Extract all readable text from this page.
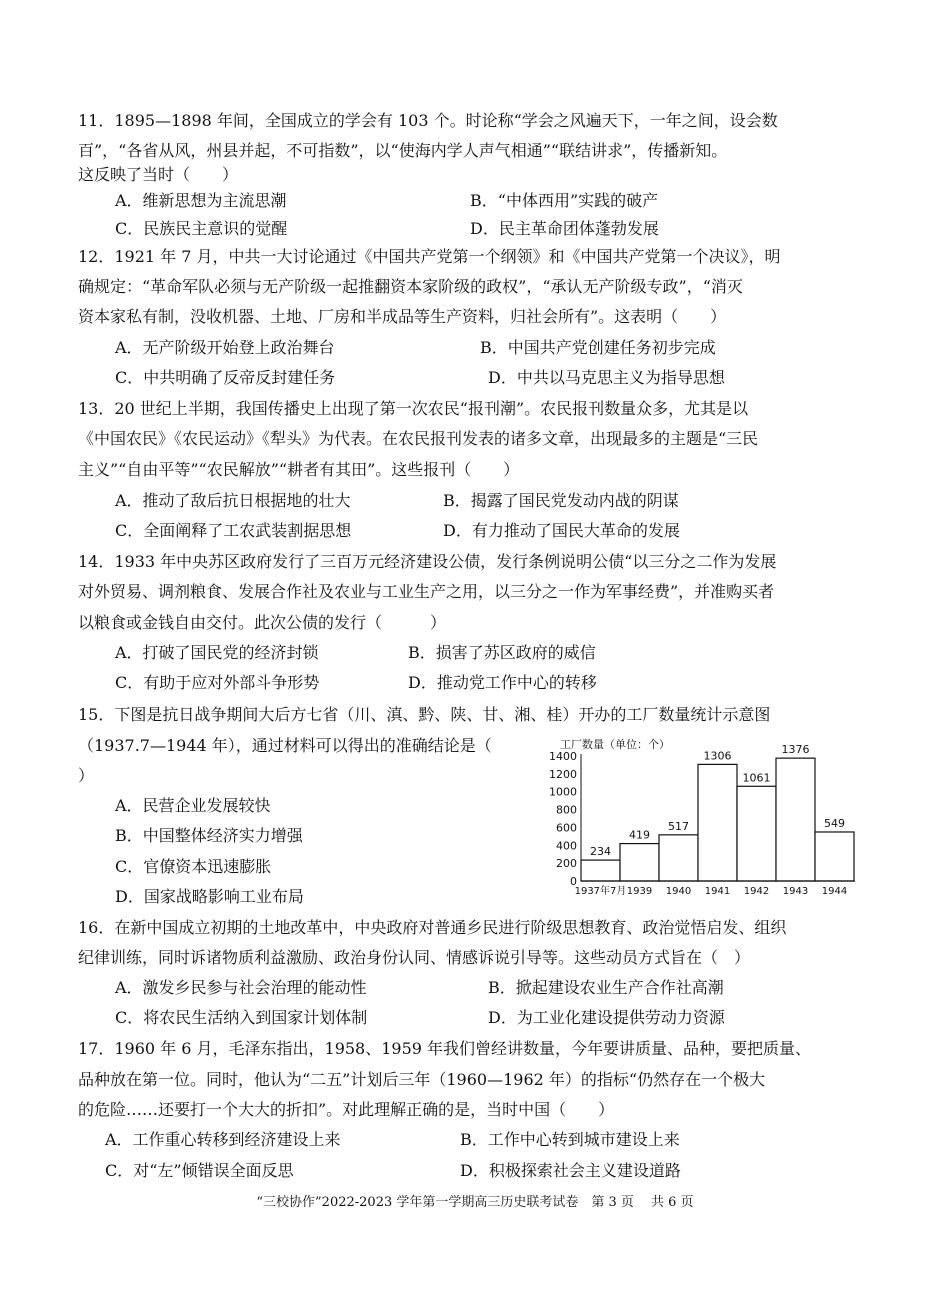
11．1895—1898 年间，全国成立的学会有 103 个。时论称“学会之风遍天下，一年之间，设会数
百”，“各省从风，州县并起，不可指数”，以“使海内学人声气相通”“联结讲求”，传播新知。
这反映了当时（　　）
A．维新思想为主流思潮	B．“中体西用”实践的破产
C．民族民主意识的觉醒	D．民主革命团体蓬勃发展
12．1921 年 7 月，中共一大讨论通过《中国共产党第一个纲领》和《中国共产党第一个决议》，明
确规定：“革命军队必须与无产阶级一起推翻资本家阶级的政权”，“承认无产阶级专政”，“消灭
资本家私有制，没收机器、土地、厂房和半成品等生产资料，归社会所有”。这表明（　　）
A．无产阶级开始登上政治舞台	B．中国共产党创建任务初步完成
C．中共明确了反帝反封建任务	D．中共以马克思主义为指导思想
13．20 世纪上半期，我国传播史上出现了第一次农民“报刊潮”。农民报刊数量众多，尤其是以
《中国农民》《农民运动》《犁头》为代表。在农民报刊发表的诸多文章，出现最多的主题是“三民
主义”“自由平等”“农民解放”“耕者有其田”。这些报刊（　　）
A．推动了敌后抗日根据地的壮大	B．揭露了国民党发动内战的阴谋
C．全面阐释了工农武装割据思想	D．有力推动了国民大革命的发展
14．1933 年中央苏区政府发行了三百万元经济建设公债，发行条例说明公债“以三分之二作为发展
对外贸易、调剂粮食、发展合作社及农业与工业生产之用，以三分之一作为军事经费”，并准购买者
以粮食或金钱自由交付。此次公债的发行（　　　）
A．打破了国民党的经济封锁	B．损害了苏区政府的威信
C．有助于应对外部斗争形势	D．推动党工作中心的转移
15．下图是抗日战争期间大后方七省（川、滇、黔、陕、甘、湘、桂）开办的工厂数量统计示意图
（1937.7—1944 年），通过材料可以得出的准确结论是（
）
A．民营企业发展较快
B．中国整体经济实力增强
C．官僚资本迅速膨胀
D．国家战略影响工业布局
工厂数量（单位：个）
0
200
400
600
800
1000
1200
1400
234
419
517
1306
1061
1376
549
1937年7月 1939 1940 1941 1942 1943 1944
16．在新中国成立初期的土地改革中，中央政府对普通乡民进行阶级思想教育、政治觉悟启发、组织
纪律训练，同时诉诸物质利益激励、政治身份认同、情感诉说引导等。这些动员方式旨在（　）
A．激发乡民参与社会治理的能动性	B．掀起建设农业生产合作社高潮
C．将农民生活纳入到国家计划体制	D．为工业化建设提供劳动力资源
17．1960 年 6 月，毛泽东指出，1958、1959 年我们曾经讲数量，今年要讲质量、品种，要把质量、
品种放在第一位。同时，他认为“二五”计划后三年（1960—1962 年）的指标“仍然存在一个极大
的危险……还要打一个大大的折扣”。对此理解正确的是，当时中国（　　）
A．工作重心转移到经济建设上来	B．工作中心转到城市建设上来
C．对“左”倾错误全面反思	D．积极探索社会主义建设道路
“三校协作”2022-2023 学年第一学期高三历史联考试卷　第 3 页　 共 6 页
